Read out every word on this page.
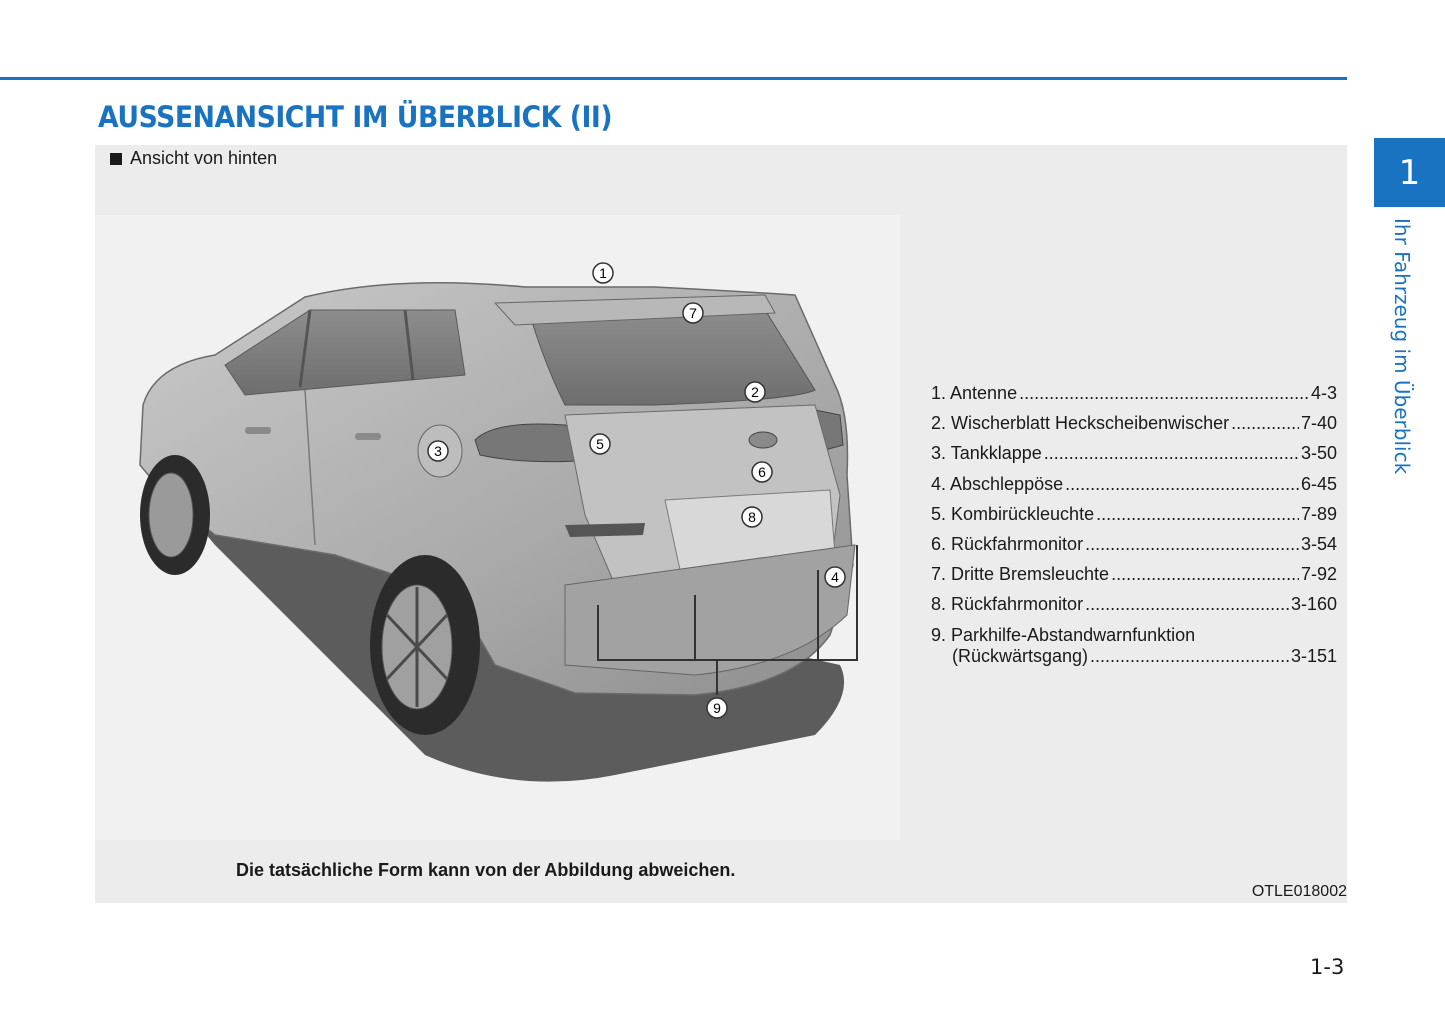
AUSSENANSICHT IM ÜBERBLICK (II)
1
Ihr Fahrzeug im Überblick
Ansicht von hinten
1
7
2
3	5
6
8
4
9
1. Antenne .....	4-3
2. Wischerblatt Heckscheibenwischer .....	7-40
3. Tankklappe .....	3-50
4. Abschleppöse .....	6-45
5. Kombirückleuchte .....	7-89
6. Rückfahrmonitor .....	3-54
7. Dritte Bremsleuchte .....	7-92
8. Rückfahrmonitor .....	3-160
9. Parkhilfe-Abstandwarnfunktion
(Rückwärtsgang) .....	3-151
Die tatsächliche Form kann von der Abbildung abweichen.
OTLE018002
1-3
